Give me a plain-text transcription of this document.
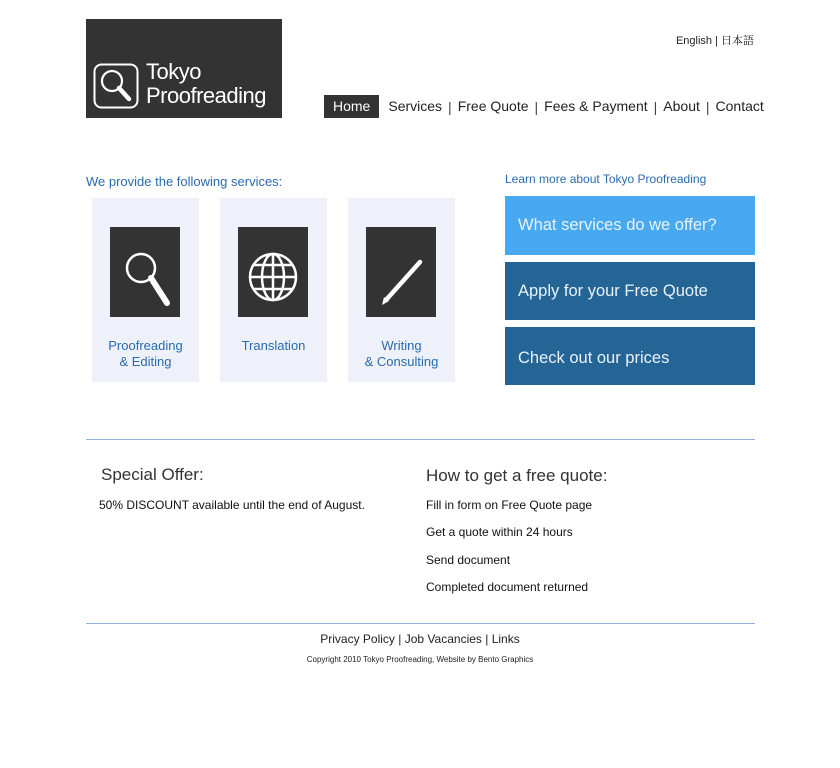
Tokyo
Proofreading
English | 日本語
Home	Services | Free Quote | Fees & Payment | About | Contact
We provide the following services:
Proofreading
& Editing
Translation	Writing
& Consulting
Learn more about Tokyo Proofreading
What services do we offer?
Apply for your Free Quote
Check out our prices
Special Offer:
50% DISCOUNT available until the end of August.
How to get a free quote:
Fill in form on Free Quote page
Get a quote within 24 hours
Send document
Completed document returned
Privacy Policy | Job Vacancies | Links
Copyright 2010 Tokyo Proofreading, Website by Bento Graphics
